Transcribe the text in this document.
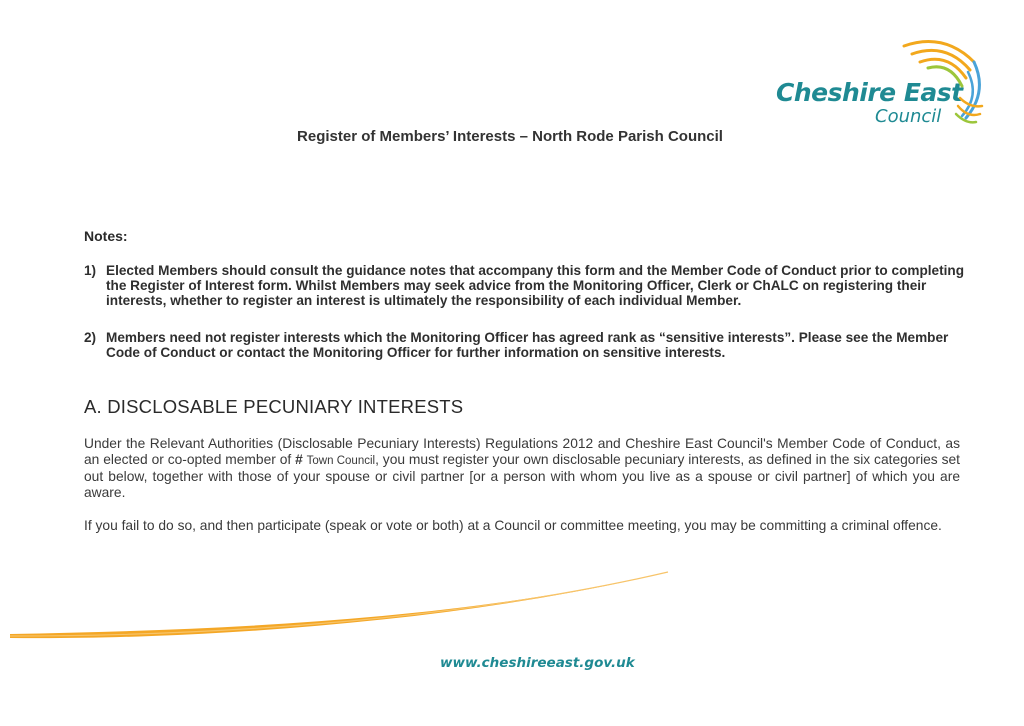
Cheshire East
Council
Register of Members’ Interests – North Rode Parish Council
Notes:
1) Elected Members should consult the guidance notes that accompany this form and the Member Code of Conduct prior to completing the Register of Interest form. Whilst Members may seek advice from the Monitoring Officer, Clerk or ChALC on registering their interests, whether to register an interest is ultimately the responsibility of each individual Member.
2) Members need not register interests which the Monitoring Officer has agreed rank as “sensitive interests”. Please see the Member Code of Conduct or contact the Monitoring Officer for further information on sensitive interests.
A. DISCLOSABLE PECUNIARY INTERESTS
Under the Relevant Authorities (Disclosable Pecuniary Interests) Regulations 2012 and Cheshire East Council's Member Code of Conduct, as an elected or co-opted member of # Town Council, you must register your own disclosable pecuniary interests, as defined in the six categories set out below, together with those of your spouse or civil partner [or a person with whom you live as a spouse or civil partner] of which you are aware.
If you fail to do so, and then participate (speak or vote or both) at a Council or committee meeting, you may be committing a criminal offence.
www.cheshireeast.gov.uk
